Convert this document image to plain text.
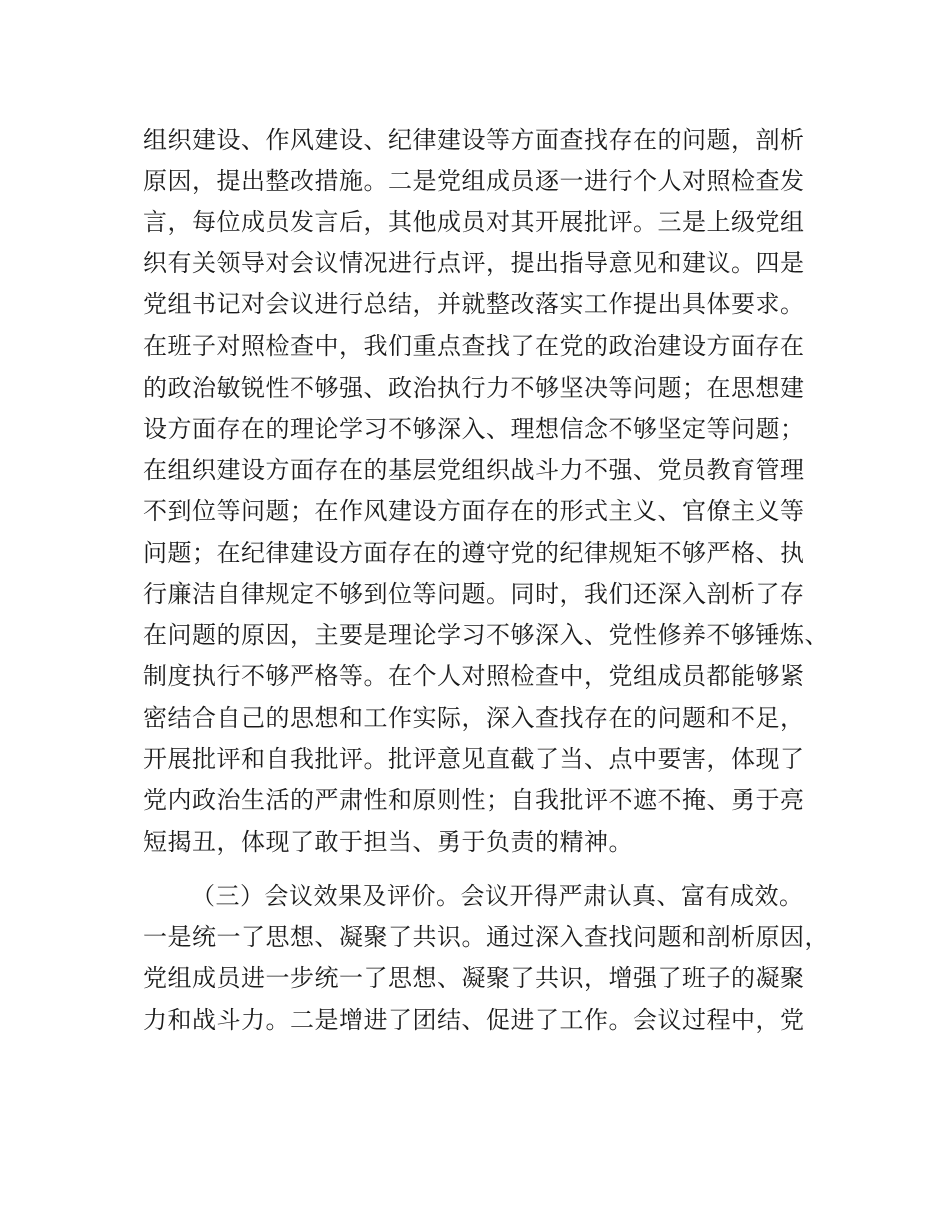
组织建设、作风建设、纪律建设等方面查找存在的问题，剖析
原因，提出整改措施。二是党组成员逐一进行个人对照检查发
言，每位成员发言后，其他成员对其开展批评。三是上级党组
织有关领导对会议情况进行点评，提出指导意见和建议。四是
党组书记对会议进行总结，并就整改落实工作提出具体要求。
在班子对照检查中，我们重点查找了在党的政治建设方面存在
的政治敏锐性不够强、政治执行力不够坚决等问题；在思想建
设方面存在的理论学习不够深入、理想信念不够坚定等问题；
在组织建设方面存在的基层党组织战斗力不强、党员教育管理
不到位等问题；在作风建设方面存在的形式主义、官僚主义等
问题；在纪律建设方面存在的遵守党的纪律规矩不够严格、执
行廉洁自律规定不够到位等问题。同时，我们还深入剖析了存
在问题的原因，主要是理论学习不够深入、党性修养不够锤炼、
制度执行不够严格等。在个人对照检查中，党组成员都能够紧
密结合自己的思想和工作实际，深入查找存在的问题和不足，
开展批评和自我批评。批评意见直截了当、点中要害，体现了
党内政治生活的严肃性和原则性；自我批评不遮不掩、勇于亮
短揭丑，体现了敢于担当、勇于负责的精神。
（三）会议效果及评价。会议开得严肃认真、富有成效。
一是统一了思想、凝聚了共识。通过深入查找问题和剖析原因，
党组成员进一步统一了思想、凝聚了共识，增强了班子的凝聚
力和战斗力。二是增进了团结、促进了工作。会议过程中，党
